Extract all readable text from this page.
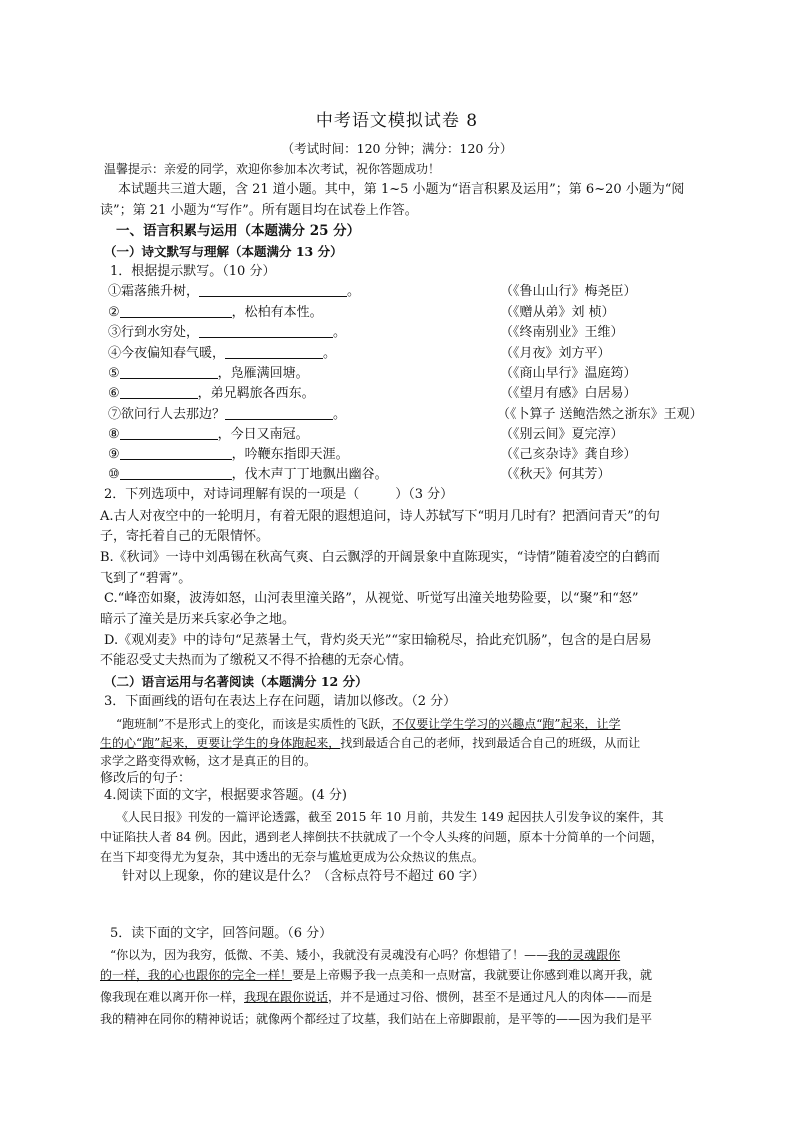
中考语文模拟试卷 8
（考试时间：120 分钟；满分：120 分）
温馨提示：亲爱的同学，欢迎你参加本次考试，祝你答题成功！
本试题共三道大题，含 21 道小题。其中，第 1~5 小题为“语言积累及运用”；第 6~20 小题为“阅
读”；第 21 小题为“写作”。所有题目均在试卷上作答。
一、语言积累与运用（本题满分 25 分）
（一）诗文默写与理解（本题满分 13 分）
1．根据提示默写。（10 分）
①霜落熊升树，	。	（《鲁山山行》梅尧臣）
②	，松柏有本性。	（《赠从弟》刘 桢）
③行到水穷处，	。	（《终南别业》王维）
④今夜偏知春气暖，	。	（《月夜》刘方平）
⑤	，凫雁满回塘。	（《商山早行》温庭筠）
⑥	，弟兄羁旅各西东。	（《望月有感》白居易）
⑦欲问行人去那边？	。	（《卜算子 送鲍浩然之浙东》王观）
⑧	，今日又南冠。	（《别云间》夏完淳）
⑨	，吟鞭东指即天涯。	（《己亥杂诗》龚自珍）
⑩	，伐木声丁丁地飘出幽谷。	（《秋天》何其芳）
2．下列选项中，对诗词理解有误的一项是（	）（3 分）
A.古人对夜空中的一轮明月，有着无限的遐想追问，诗人苏轼写下“明月几时有？把酒问青天”的句
子，寄托着自己的无限情怀。
B.《秋词》一诗中刘禹锡在秋高气爽、白云飘浮的开阔景象中直陈现实，“诗情”随着凌空的白鹤而
飞到了“碧霄”。
C.“峰峦如聚，波涛如怒，山河表里潼关路”，从视觉、听觉写出潼关地势险要，以“聚”和“怒”
暗示了潼关是历来兵家必争之地。
D.《观刈麦》中的诗句“足蒸暑土气，背灼炎天光”“家田输税尽，拾此充饥肠”，包含的是白居易
不能忍受丈夫热而为了缴税又不得不拾穗的无奈心情。
（二）语言运用与名著阅读（本题满分 12 分）
3．下面画线的语句在表达上存在问题，请加以修改。（2 分）
“跑班制”不是形式上的变化，而该是实质性的飞跃，不仅要让学生学习的兴趣点“跑”起来，让学
生的心“跑”起来，更要让学生的身体跑起来，找到最适合自己的老师，找到最适合自己的班级，从而让
求学之路变得欢畅，这才是真正的目的。
修改后的句子：
4.阅读下面的文字，根据要求答题。(4 分)
《人民日报》刊发的一篇评论透露，截至 2015 年 10 月前，共发生 149 起因扶人引发争议的案件，其
中证陷扶人者 84 例。因此，遇到老人摔倒扶不扶就成了一个令人头疼的问题，原本十分简单的一个问题，
在当下却变得尤为复杂，其中透出的无奈与尴尬更成为公众热议的焦点。
针对以上现象，你的建议是什么？（含标点符号不超过 60 字）
5．读下面的文字，回答问题。（6 分）
“你以为，因为我穷，低微、不美、矮小，我就没有灵魂没有心吗？你想错了！——我的灵魂跟你
的一样，我的心也跟你的完全一样！要是上帝赐予我一点美和一点财富，我就要让你感到难以离开我，就
像我现在难以离开你一样，我现在跟你说话，并不是通过习俗、惯例，甚至不是通过凡人的肉体——而是
我的精神在同你的精神说话；就像两个都经过了坟墓，我们站在上帝脚跟前，是平等的——因为我们是平
